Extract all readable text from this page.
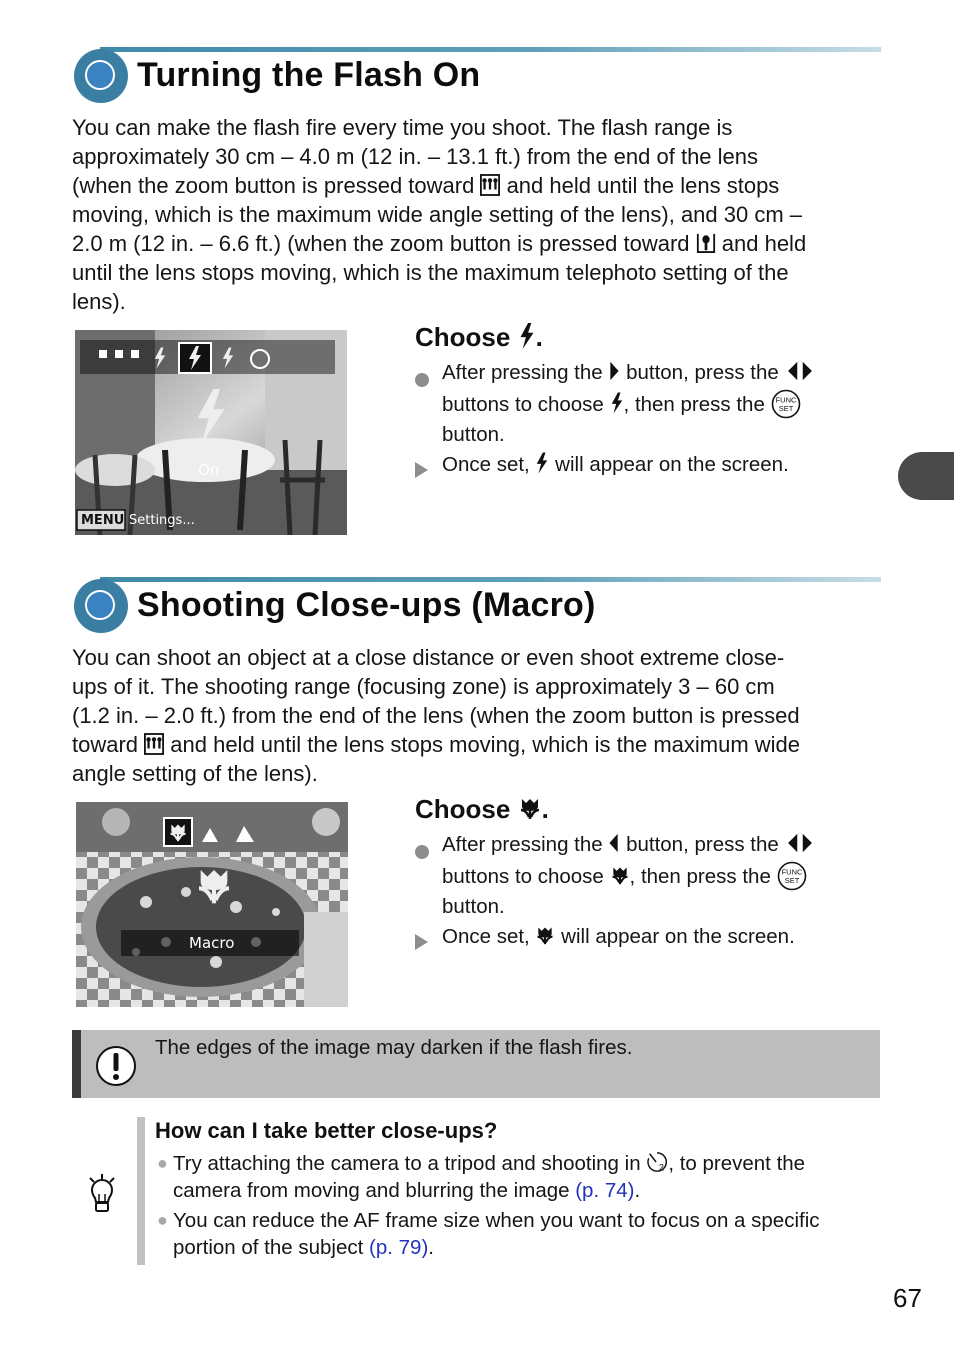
Turning the Flash On
You can make the flash fire every time you shoot. The flash range is
approximately 30 cm – 4.0 m (12 in. – 13.1 ft.) from the end of the lens
(when the zoom button is pressed toward  and held until the lens stops
moving, which is the maximum wide angle setting of the lens), and 30 cm –
2.0 m (12 in. – 6.6 ft.) (when the zoom button is pressed toward  and held
until the lens stops moving, which is the maximum telephoto setting of the
lens).
On
MENU Settings...
Choose .
After pressing the button, press the
buttons to choose , then press the
button.
Once set, will appear on the screen.
Shooting Close-ups (Macro)
You can shoot an object at a close distance or even shoot extreme close-
ups of it. The shooting range (focusing zone) is approximately 3 – 60 cm
(1.2 in. – 2.0 ft.) from the end of the lens (when the zoom button is pressed
toward  and held until the lens stops moving, which is the maximum wide
angle setting of the lens).
Macro
Choose .
After pressing the button, press the
buttons to choose , then press the
button.
Once set, will appear on the screen.
The edges of the image may darken if the flash fires.
How can I take better close-ups?
● Try attaching the camera to a tripod and shooting in , to prevent the
camera from moving and blurring the image (p. 74).
● You can reduce the AF frame size when you want to focus on a specific
portion of the subject (p. 79).
67
